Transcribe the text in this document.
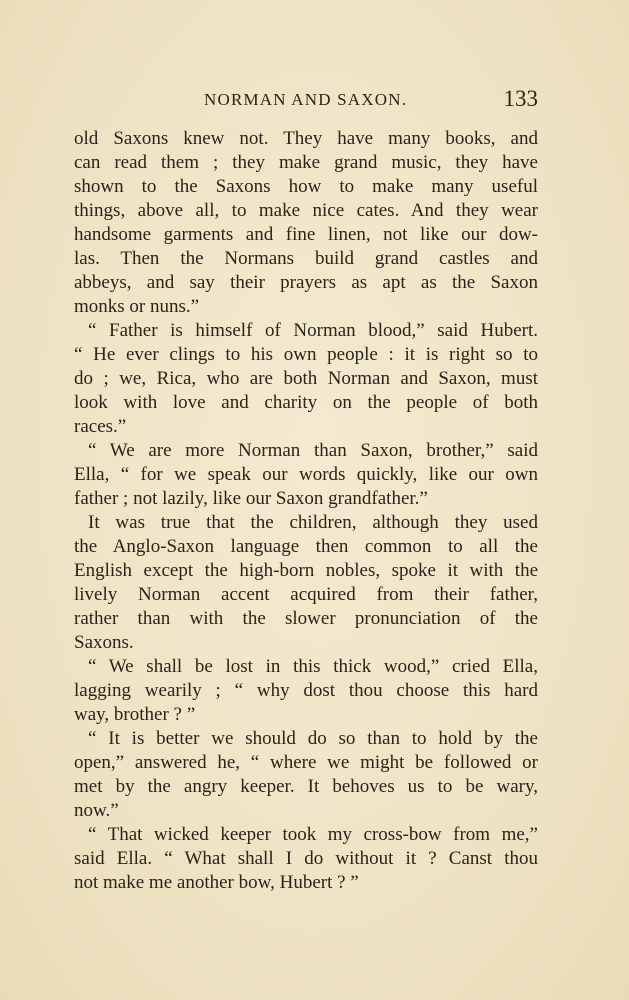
NORMAN AND SAXON.	133
old Saxons knew not. They have many books, and
can read them ; they make grand music, they have
shown to the Saxons how to make many useful
things, above all, to make nice cates. And they wear
handsome garments and fine linen, not like our dow-
las. Then the Normans build grand castles and
abbeys, and say their prayers as apt as the Saxon
monks or nuns.”
“ Father is himself of Norman blood,” said Hubert.
“ He ever clings to his own people : it is right so to
do ; we, Rica, who are both Norman and Saxon, must
look with love and charity on the people of both
races.”
“ We are more Norman than Saxon, brother,” said
Ella, “ for we speak our words quickly, like our own
father ; not lazily, like our Saxon grandfather.”
It was true that the children, although they used
the Anglo-Saxon language then common to all the
English except the high-born nobles, spoke it with the
lively Norman accent acquired from their father,
rather than with the slower pronunciation of the
Saxons.
“ We shall be lost in this thick wood,” cried Ella,
lagging wearily ; “ why dost thou choose this hard
way, brother ? ”
“ It is better we should do so than to hold by the
open,” answered he, “ where we might be followed or
met by the angry keeper. It behoves us to be wary,
now.”
“ That wicked keeper took my cross-bow from me,”
said Ella. “ What shall I do without it ? Canst thou
not make me another bow, Hubert ? ”
